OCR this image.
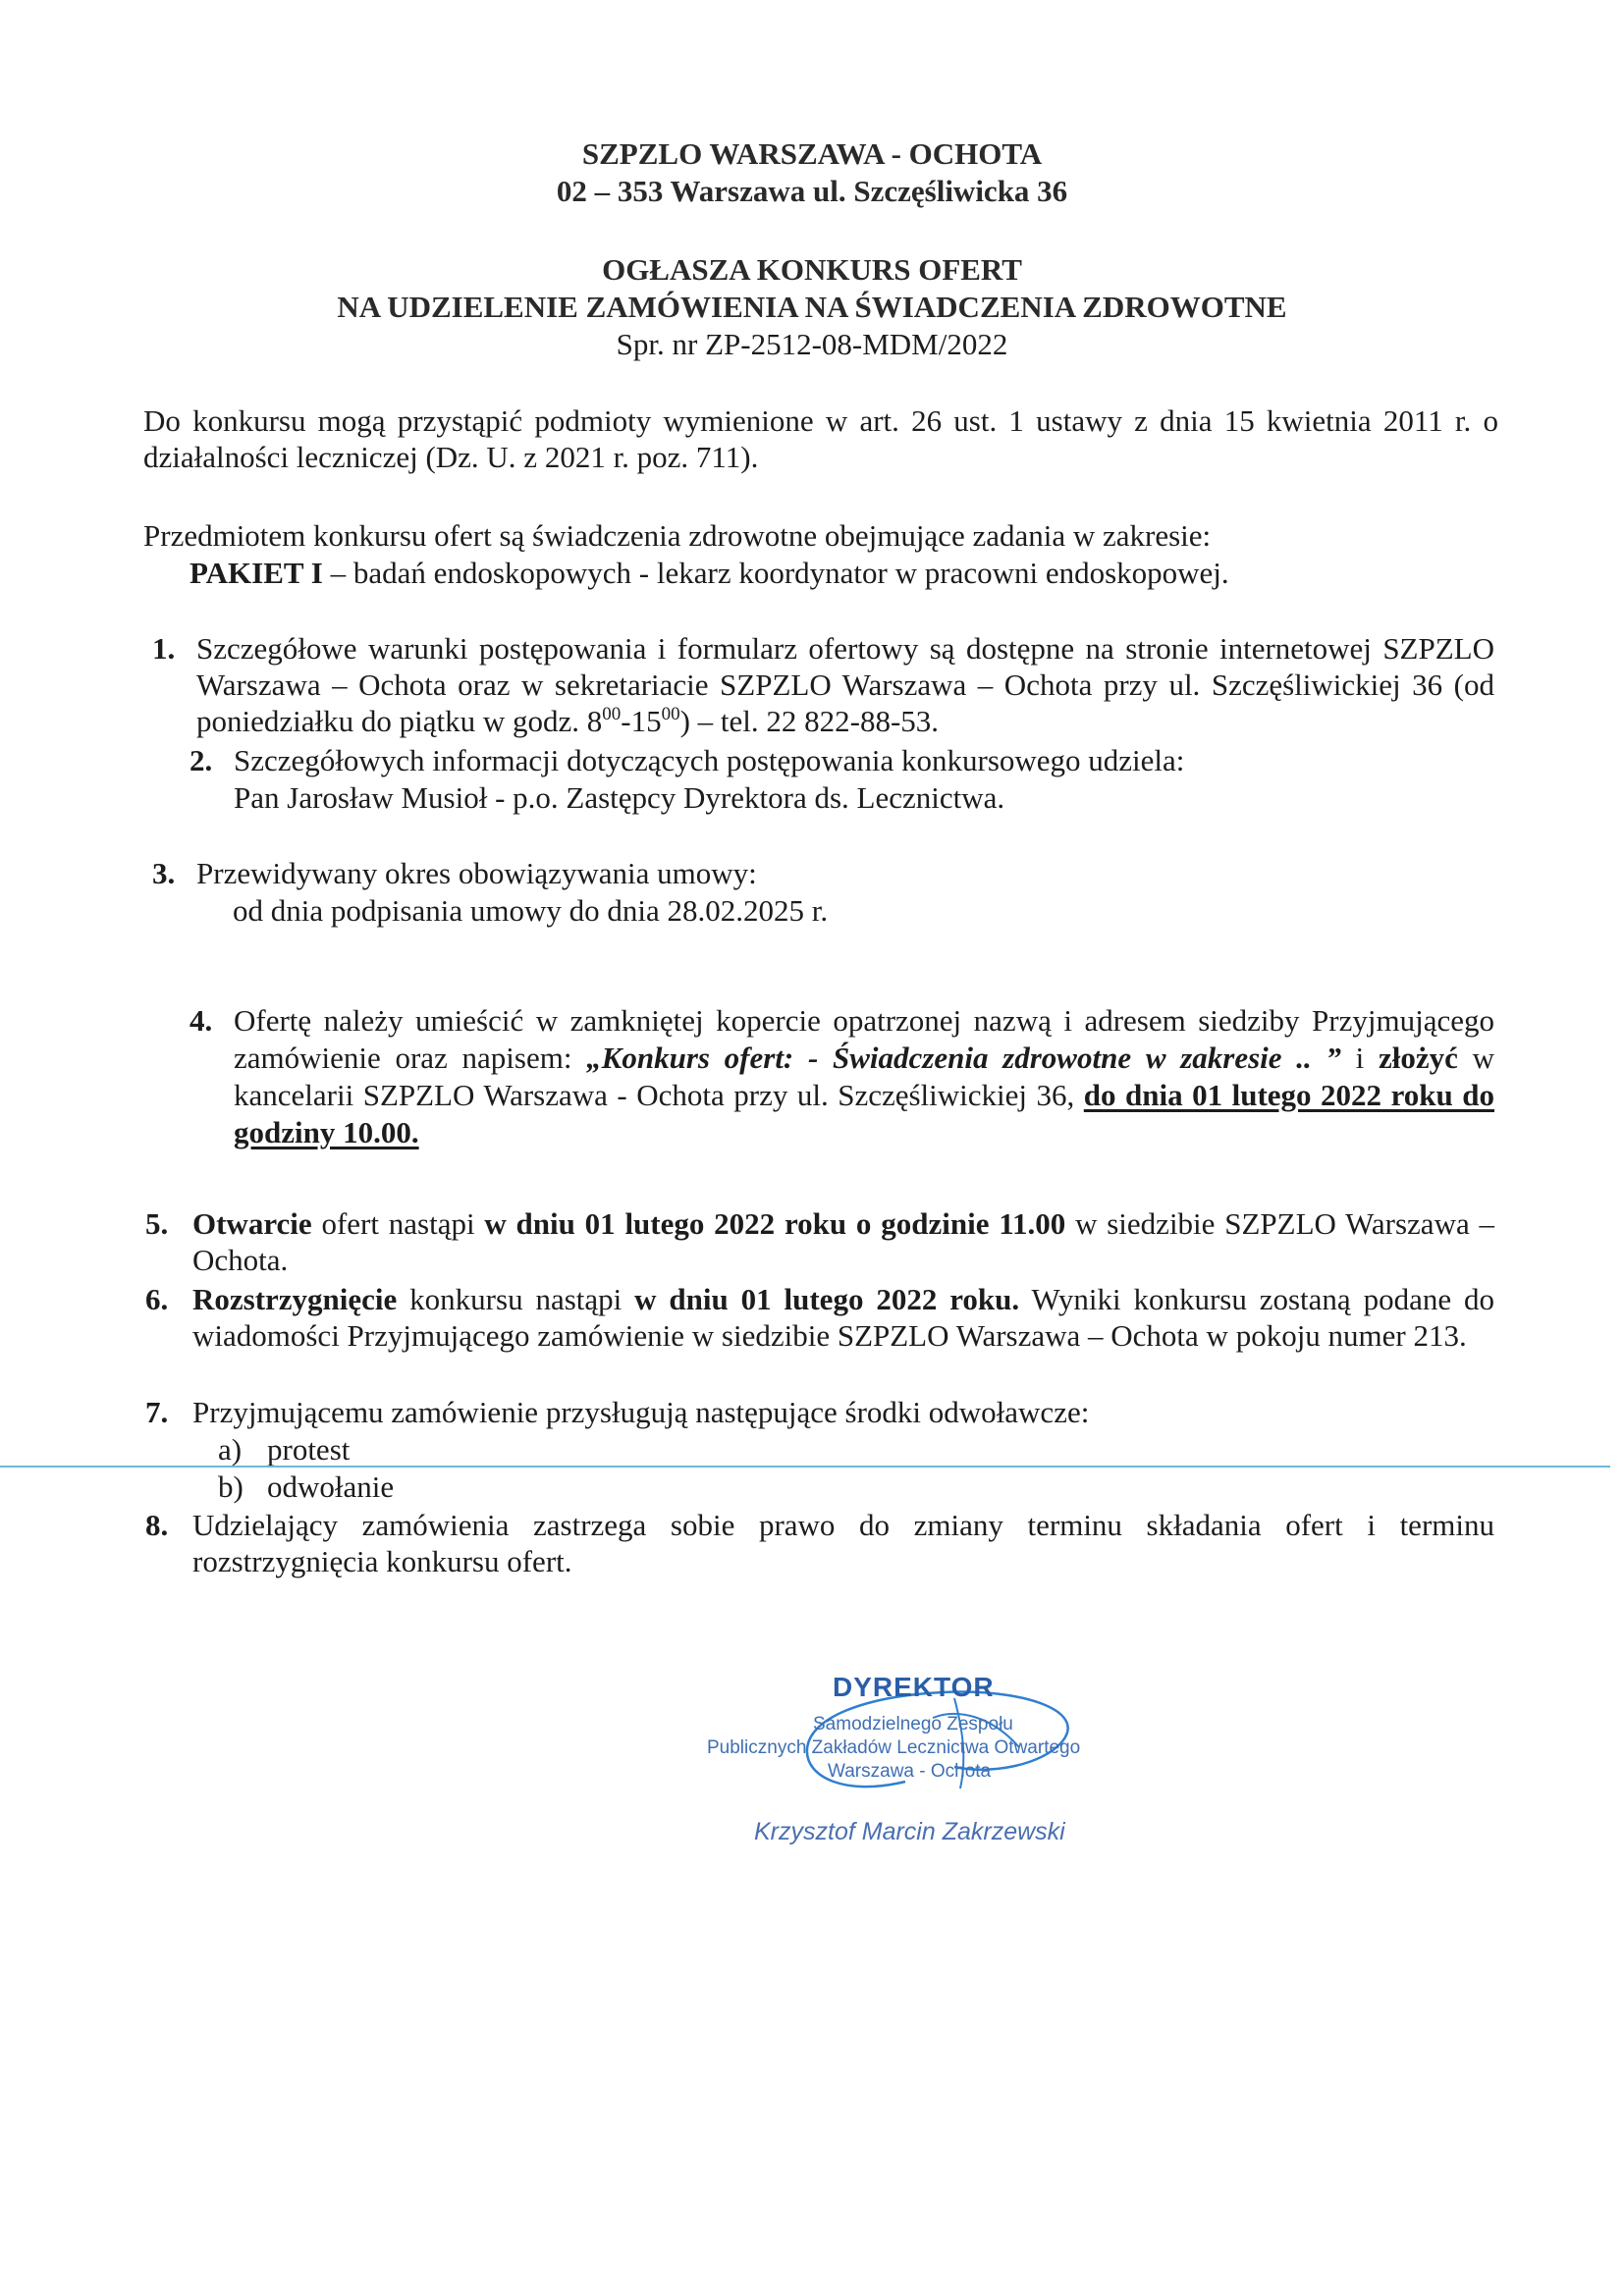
SZPZLO WARSZAWA - OCHOTA
02 – 353 Warszawa ul. Szczęśliwicka 36
OGŁASZA KONKURS OFERT
NA UDZIELENIE ZAMÓWIENIA NA ŚWIADCZENIA ZDROWOTNE
Spr. nr ZP-2512-08-MDM/2022
Do konkursu mogą przystąpić podmioty wymienione w art. 26 ust. 1 ustawy z dnia 15 kwietnia 2011 r. o działalności leczniczej (Dz. U. z 2021 r. poz. 711).
Przedmiotem konkursu ofert są świadczenia zdrowotne obejmujące zadania w zakresie:
PAKIET I – badań endoskopowych - lekarz koordynator w pracowni endoskopowej.
1. Szczegółowe warunki postępowania i formularz ofertowy są dostępne na stronie internetowej SZPZLO Warszawa – Ochota oraz w sekretariacie SZPZLO Warszawa – Ochota przy ul. Szczęśliwickiej 36 (od poniedziałku do piątku w godz. $8^{00}-15^{00}$) – tel. 22 822-88-53.
2. Szczegółowych informacji dotyczących postępowania konkursowego udziela:
Pan Jarosław Musioł - p.o. Zastępcy Dyrektora ds. Lecznictwa.
3. Przewidywany okres obowiązywania umowy:
od dnia podpisania umowy do dnia 28.02.2025 r.
4. Ofertę należy umieścić w zamkniętej kopercie opatrzonej nazwą i adresem siedziby Przyjmującego zamówienie oraz napisem: „Konkurs ofert: - Świadczenia zdrowotne w zakresie .. ” i złożyć w kancelarii SZPZLO Warszawa - Ochota przy ul. Szczęśliwickiej 36, do dnia 01 lutego 2022 roku do godziny 10.00.
5. Otwarcie ofert nastąpi w dniu 01 lutego 2022 roku o godzinie 11.00 w siedzibie SZPZLO Warszawa – Ochota.
6. Rozstrzygnięcie konkursu nastąpi w dniu 01 lutego 2022 roku. Wyniki konkursu zostaną podane do wiadomości Przyjmującego zamówienie w siedzibie SZPZLO Warszawa – Ochota w pokoju numer 213.
7. Przyjmującemu zamówienie przysługują następujące środki odwoławcze:
a) protest
b) odwołanie
8. Udzielający zamówienia zastrzega sobie prawo do zmiany terminu składania ofert i terminu rozstrzygnięcia konkursu ofert.
DYREKTOR
Samodzielnego Zespołu
Publicznych Zakładów Lecznictwa Otwartego
Warszawa - Ochota
Krzysztof Marcin Zakrzewski
